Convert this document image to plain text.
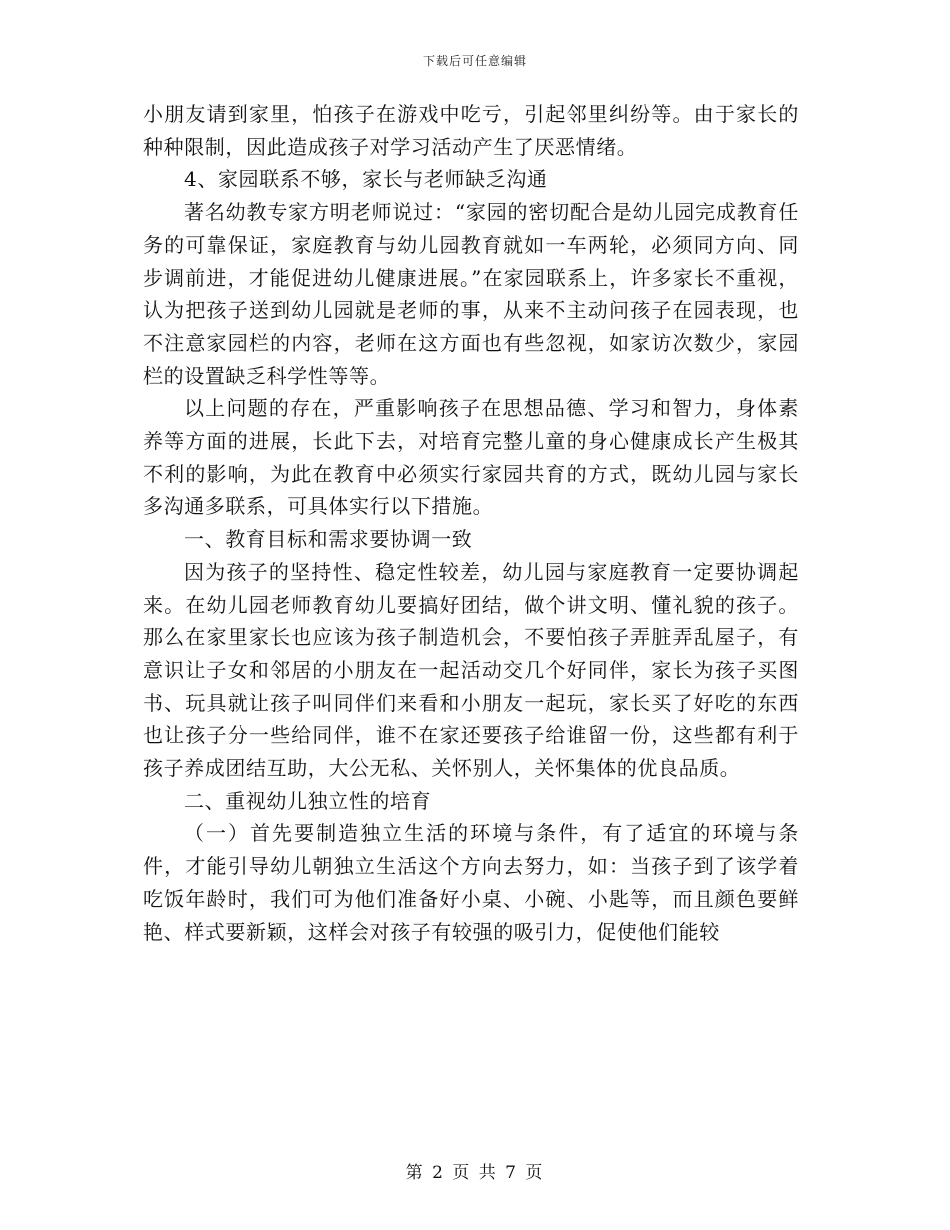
下载后可任意编辑

小朋友请到家里，怕孩子在游戏中吃亏，引起邻里纠纷等。由于家长的种种限制，因此造成孩子对学习活动产生了厌恶情绪。

4、家园联系不够，家长与老师缺乏沟通

著名幼教专家方明老师说过：“家园的密切配合是幼儿园完成教育任务的可靠保证，家庭教育与幼儿园教育就如一车两轮，必须同方向、同步调前进，才能促进幼儿健康进展。”在家园联系上，许多家长不重视，认为把孩子送到幼儿园就是老师的事，从来不主动问孩子在园表现，也不注意家园栏的内容，老师在这方面也有些忽视，如家访次数少，家园栏的设置缺乏科学性等等。

以上问题的存在，严重影响孩子在思想品德、学习和智力，身体素养等方面的进展，长此下去，对培育完整儿童的身心健康成长产生极其不利的影响，为此在教育中必须实行家园共育的方式，既幼儿园与家长多沟通多联系，可具体实行以下措施。

一、教育目标和需求要协调一致

因为孩子的坚持性、稳定性较差，幼儿园与家庭教育一定要协调起来。在幼儿园老师教育幼儿要搞好团结，做个讲文明、懂礼貌的孩子。那么在家里家长也应该为孩子制造机会，不要怕孩子弄脏弄乱屋子，有意识让子女和邻居的小朋友在一起活动交几个好同伴，家长为孩子买图书、玩具就让孩子叫同伴们来看和小朋友一起玩，家长买了好吃的东西也让孩子分一些给同伴，谁不在家还要孩子给谁留一份，这些都有利于孩子养成团结互助，大公无私、关怀别人，关怀集体的优良品质。

二、重视幼儿独立性的培育

（一）首先要制造独立生活的环境与条件，有了适宜的环境与条件，才能引导幼儿朝独立生活这个方向去努力，如：当孩子到了该学着吃饭年龄时，我们可为他们准备好小桌、小碗、小匙等，而且颜色要鲜艳、样式要新颖，这样会对孩子有较强的吸引力，促使他们能较

第 2 页 共 7 页
